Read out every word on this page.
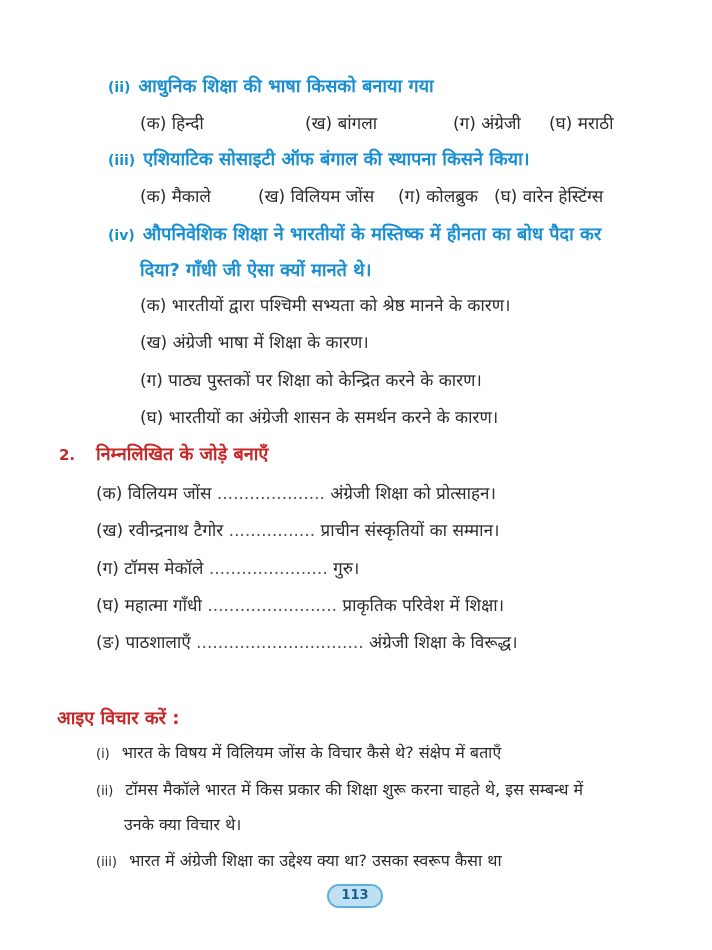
(ii) आधुनिक शिक्षा की भाषा किसको बनाया गया
(क) हिन्दी	(ख) बांगला	(ग) अंग्रेजी (घ) मराठी
(iii) एशियाटिक सोसाइटी ऑफ बंगाल की स्थापना किसने किया।
(क) मैकाले	(ख) विलियम जोंस (ग) कोलब्रुक (घ) वारेन हेस्टिंग्स
(iv) औपनिवेशिक शिक्षा ने भारतीयों के मस्तिष्क में हीनता का बोध पैदा कर
दिया? गाँधी जी ऐसा क्यों मानते थे।
(क) भारतीयों द्वारा पश्चिमी सभ्यता को श्रेष्ठ मानने के कारण।
(ख) अंग्रेजी भाषा में शिक्षा के कारण।
(ग) पाठ्य पुस्तकों पर शिक्षा को केन्द्रित करने के कारण।
(घ) भारतीयों का अंग्रेजी शासन के समर्थन करने के कारण।
2. निम्नलिखित के जोड़े बनाएँ
(क) विलियम जोंस .................... अंग्रेजी शिक्षा को प्रोत्साहन।
(ख) रवीन्द्रनाथ टैगोर ................ प्राचीन संस्कृतियों का सम्मान।
(ग) टॉमस मेकॉले ...................... गुरु।
(घ) महात्मा गाँधी ........................ प्राकृतिक परिवेश में शिक्षा।
(ङ) पाठशालाएँ ............................... अंग्रेजी शिक्षा के विरूद्ध।
आइए विचार करें :
(i) भारत के विषय में विलियम जोंस के विचार कैसे थे? संक्षेप में बताएँ
(ii) टॉमस मैकॉले भारत में किस प्रकार की शिक्षा शुरू करना चाहते थे, इस सम्बन्ध में
उनके क्या विचार थे।
(iii) भारत में अंग्रेजी शिक्षा का उद्देश्य क्या था? उसका स्वरूप कैसा था
113
